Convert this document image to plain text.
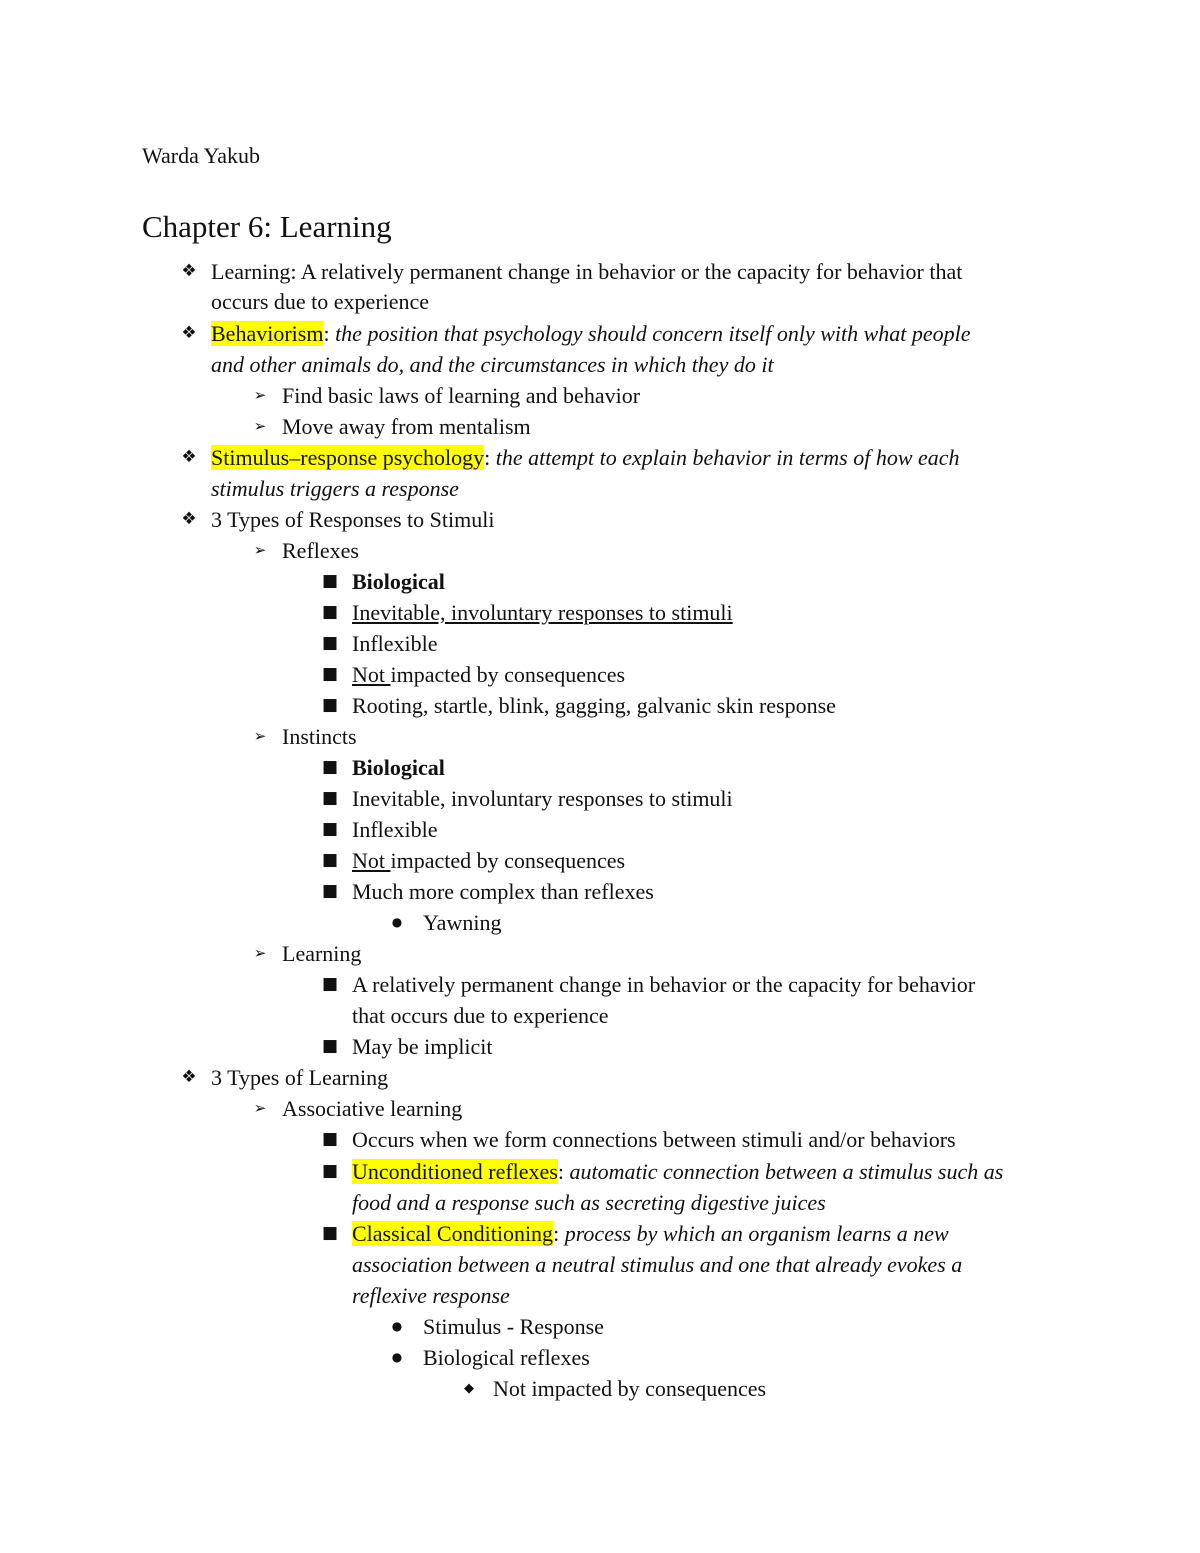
Warda Yakub
Chapter 6: Learning
❖ Learning: A relatively permanent change in behavior or the capacity for behavior that
occurs due to experience
❖ Behaviorism: the position that psychology should concern itself only with what people
and other animals do, and the circumstances in which they do it
➢ Find basic laws of learning and behavior
➢ Move away from mentalism
❖ Stimulus–response psychology: the attempt to explain behavior in terms of how each
stimulus triggers a response
❖ 3 Types of Responses to Stimuli
➢ Reflexes
■ Biological
■ Inevitable, involuntary responses to stimuli
■ Inflexible
■ Not impacted by consequences
■ Rooting, startle, blink, gagging, galvanic skin response
➢ Instincts
■ Biological
■ Inevitable, involuntary responses to stimuli
■ Inflexible
■ Not impacted by consequences
■ Much more complex than reflexes
● Yawning
➢ Learning
■ A relatively permanent change in behavior or the capacity for behavior
that occurs due to experience
■ May be implicit
❖ 3 Types of Learning
➢ Associative learning
■ Occurs when we form connections between stimuli and/or behaviors
■ Unconditioned reflexes: automatic connection between a stimulus such as
food and a response such as secreting digestive juices
■ Classical Conditioning: process by which an organism learns a new
association between a neutral stimulus and one that already evokes a
reflexive response
● Stimulus - Response
● Biological reflexes
◆ Not impacted by consequences
